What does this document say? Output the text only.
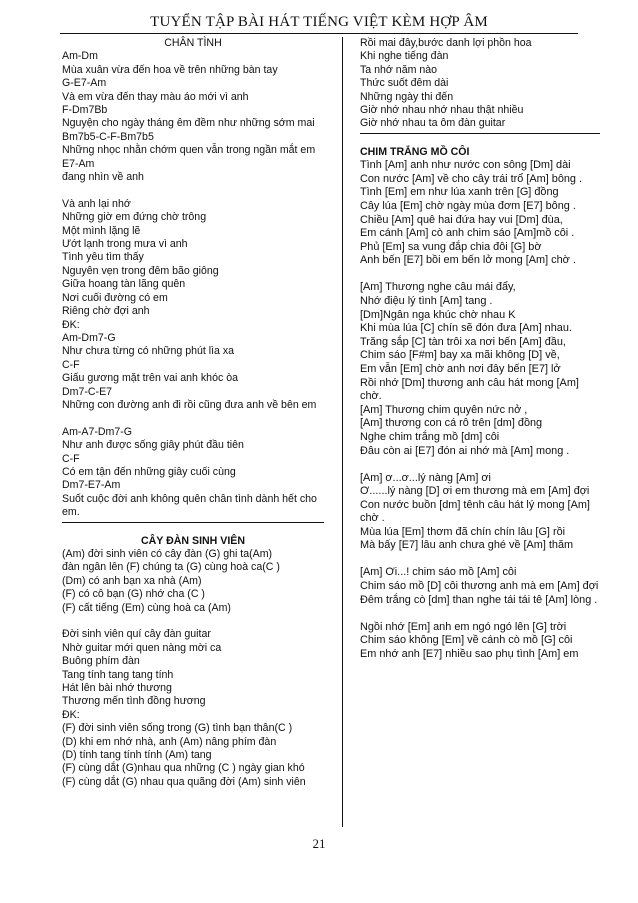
TUYỂN TẬP BÀI HÁT TIẾNG VIỆT KÈM HỢP ÂM
CHÂN TÌNH
Am-Dm
Mùa xuân vừa đến hoa về trên những bàn tay
G-E7-Am
Và em vừa đến thay màu áo mới vì anh
F-Dm7Bb
Nguyện cho ngày tháng êm đềm như những sớm mai
Bm7b5-C-F-Bm7b5
Những nhọc nhằn chớm quen vẫn trong ngần mắt em
E7-Am
đang nhìn về anh
Và anh lại nhớ
Những giờ em đứng chờ trông
Một mình lặng lẽ
Ướt lạnh trong mưa vì anh
Tình yêu tìm thấy
Nguyên vẹn trong đêm bão giông
Giữa hoang tàn lãng quên
Nơi cuối đường có em
Riêng chờ đợi anh
ĐK:
Am-Dm7-G
Như chưa từng có những phút lìa xa
C-F
Giấu gương mặt trên vai anh khóc òa
Dm7-C-E7
Những con đường anh đi rồi cũng đưa anh về bên em
Am-A7-Dm7-G
Như anh được sống giây phút đầu tiên
C-F
Có em tận đến những giây cuối cùng
Dm7-E7-Am
Suốt cuộc đời anh không quên chân tình dành hết cho em.
CÂY ĐÀN SINH VIÊN
(Am) đời sinh viên có cây đàn (G) ghi ta(Am)
đàn ngân lên (F) chúng ta (G) cùng hoà ca(C )
(Dm) có anh bạn xa nhà (Am)
(F) có cô bạn (G) nhớ cha (C )
(F) cất tiếng (Em) cùng hoà ca (Am)
Đời sinh viên quí cây đàn guitar
Nhờ guitar mới quen nàng mời ca
Buông phím đàn
Tang tính tang tang tính
Hát lên bài nhớ thương
Thương mến tình đồng hương
ĐK:
(F) đời sinh viên sống trong (G) tình bạn thân(C )
(D) khi em nhớ nhà, anh (Am) nâng phím đàn
(D) tính tang tính tính (Am) tang
(F) cùng dắt (G)nhau qua những (C ) ngày gian khó
(F) cùng dắt (G) nhau qua quãng đời (Am) sinh viên
Rồi mai đây,bước danh lợi phồn hoa
Khi nghe tiếng đàn
Ta nhớ năm nào
Thức suốt đêm dài
Những ngày thi đến
Giờ nhớ nhau nhớ nhau thật nhiều
Giờ nhớ nhau ta ôm đàn guitar
CHIM TRẮNG MỒ CÔI
Tình [Am] anh như nước con sông [Dm] dài
Con nước [Am] về cho cây trái trổ [Am] bông .
Tình [Em] em như lúa xanh trên [G] đồng
Cây lúa [Em] chờ ngày mùa đơm [E7] bông .
Chiều [Am] quê hai đứa hay vui [Dm] đùa,
Em cánh [Am] cò anh chim sáo [Am]mồ côi .
Phủ [Em] sa vung đắp chia đôi [G] bờ
Anh bến [E7] bồi em bến lở mong [Am] chờ .
[Am] Thương nghe câu mái đẩy,
Nhớ điệu lý tình [Am] tang .
[Dm]Ngân nga khúc chờ nhau K
Khi mùa lúa [C] chín sẽ đón đưa [Am] nhau.
Trăng sắp [C] tàn trôi xa nơi bến [Am] đầu,
Chim sáo [F#m] bay xa mãi không [D] về,
Em vẫn [Em] chờ anh nơi đây bến [E7] lở
Rồi nhớ [Dm] thương anh câu hát mong [Am] chờ.
[Am] Thương chim quyên nức nở ,
[Am] thương con cá rô trên [dm] đồng
Nghe chim trắng mồ [dm] côi
Đâu còn ai [E7] đón ai nhớ mà [Am] mong .
[Am] ơ...ơ...lý nàng [Am] ơi
Ơ......lý nàng [D] ơi em thương mà em [Am] đợi
Con nước buồn [dm] tênh câu hát lý mong [Am] chờ .
Mùa lúa [Em] thơm đã chín chín lâu [G] rồi
Mà bấy [E7] lâu anh chưa ghé về [Am] thăm
[Am] Ơi...! chim sáo mồ [Am] côi
Chim sáo mồ [D] côi thương anh mà em [Am] đợi
Đêm trắng cò [dm] than nghe tái tái tê [Am] lòng .
Ngồi nhớ [Em] anh em ngó ngó lên [G] trời
Chim sáo không [Em] về cánh cò mồ [G] côi
Em nhớ anh [E7] nhiều sao phụ tình [Am] em
21
